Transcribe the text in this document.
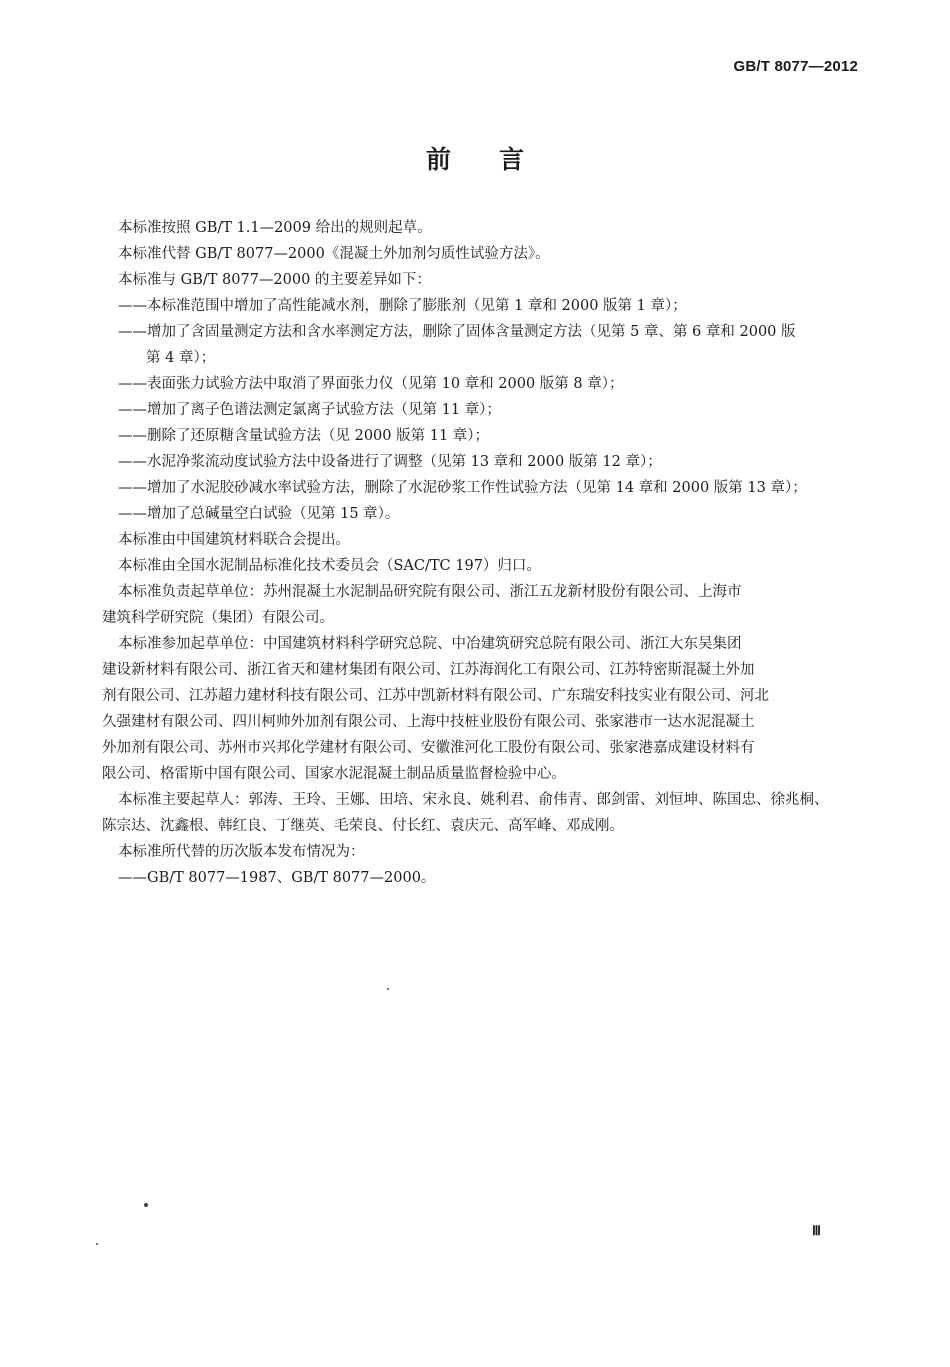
GB/T 8077—2012
前言

本标准按照 GB/T 1.1—2009 给出的规则起草。

本标准代替 GB/T 8077—2000《混凝土外加剂匀质性试验方法》。

本标准与 GB/T 8077—2000 的主要差异如下：

——本标准范围中增加了高性能减水剂，删除了膨胀剂（见第 1 章和 2000 版第 1 章）；

——增加了含固量测定方法和含水率测定方法，删除了固体含量测定方法（见第 5 章、第 6 章和 2000 版

第 4 章）；

——表面张力试验方法中取消了界面张力仪（见第 10 章和 2000 版第 8 章）；

——增加了离子色谱法测定氯离子试验方法（见第 11 章）；

——删除了还原糖含量试验方法（见 2000 版第 11 章）；

——水泥净浆流动度试验方法中设备进行了调整（见第 13 章和 2000 版第 12 章）；

——增加了水泥胶砂减水率试验方法，删除了水泥砂浆工作性试验方法（见第 14 章和 2000 版第 13 章）；

——增加了总碱量空白试验（见第 15 章）。

本标准由中国建筑材料联合会提出。

本标准由全国水泥制品标准化技术委员会（SAC/TC 197）归口。

本标准负责起草单位：苏州混凝土水泥制品研究院有限公司、浙江五龙新材股份有限公司、上海市

建筑科学研究院（集团）有限公司。

本标准参加起草单位：中国建筑材料科学研究总院、中冶建筑研究总院有限公司、浙江大东吴集团

建设新材料有限公司、浙江省天和建材集团有限公司、江苏海润化工有限公司、江苏特密斯混凝土外加

剂有限公司、江苏超力建材科技有限公司、江苏中凯新材料有限公司、广东瑞安科技实业有限公司、河北

久强建材有限公司、四川柯帅外加剂有限公司、上海中技桩业股份有限公司、张家港市一达水泥混凝土

外加剂有限公司、苏州市兴邦化学建材有限公司、安徽淮河化工股份有限公司、张家港嘉成建设材料有

限公司、格雷斯中国有限公司、国家水泥混凝土制品质量监督检验中心。

本标准主要起草人：郭涛、王玲、王娜、田培、宋永良、姚利君、俞伟青、郎剑雷、刘恒坤、陈国忠、徐兆桐、

陈宗达、沈鑫根、韩红良、丁继英、毛荣良、付长红、袁庆元、高军峰、邓成刚。

本标准所代替的历次版本发布情况为：

——GB/T 8077—1987、GB/T 8077—2000。

Ⅲ
